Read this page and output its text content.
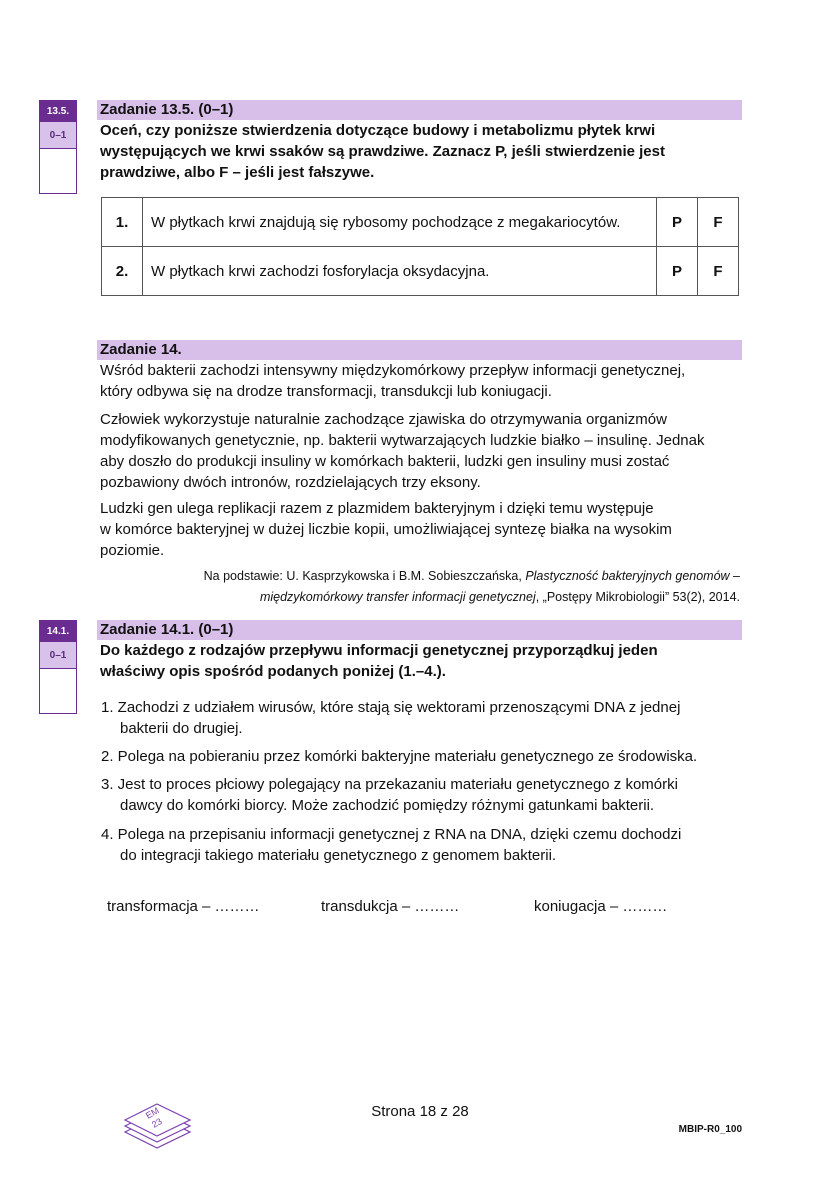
13.5.
0–1
Zadanie 13.5. (0–1)
Oceń, czy poniższe stwierdzenia dotyczące budowy i metabolizmu płytek krwi
występujących we krwi ssaków są prawdziwe. Zaznacz P, jeśli stwierdzenie jest
prawdziwe, albo F – jeśli jest fałszywe.
1.	W płytkach krwi znajdują się rybosomy pochodzące z megakariocytów.	P	F
2.	W płytkach krwi zachodzi fosforylacja oksydacyjna.	P	F
Zadanie 14.
Wśród bakterii zachodzi intensywny międzykomórkowy przepływ informacji genetycznej,
który odbywa się na drodze transformacji, transdukcji lub koniugacji.
Człowiek wykorzystuje naturalnie zachodzące zjawiska do otrzymywania organizmów
modyfikowanych genetycznie, np. bakterii wytwarzających ludzkie białko – insulinę. Jednak
aby doszło do produkcji insuliny w komórkach bakterii, ludzki gen insuliny musi zostać
pozbawiony dwóch intronów, rozdzielających trzy eksony.
Ludzki gen ulega replikacji razem z plazmidem bakteryjnym i dzięki temu występuje
w komórce bakteryjnej w dużej liczbie kopii, umożliwiającej syntezę białka na wysokim
poziomie.
Na podstawie: U. Kasprzykowska i B.M. Sobieszczańska, Plastyczność bakteryjnych genomów –
międzykomórkowy transfer informacji genetycznej, „Postępy Mikrobiologii” 53(2), 2014.
14.1.
0–1
Zadanie 14.1. (0–1)
Do każdego z rodzajów przepływu informacji genetycznej przyporządkuj jeden
właściwy opis spośród podanych poniżej (1.–4.).
1. Zachodzi z udziałem wirusów, które stają się wektorami przenoszącymi DNA z jednej
bakterii do drugiej.
2. Polega na pobieraniu przez komórki bakteryjne materiału genetycznego ze środowiska.
3. Jest to proces płciowy polegający na przekazaniu materiału genetycznego z komórki
dawcy do komórki biorcy. Może zachodzić pomiędzy różnymi gatunkami bakterii.
4. Polega na przepisaniu informacji genetycznej z RNA na DNA, dzięki czemu dochodzi
do integracji takiego materiału genetycznego z genomem bakterii.
transformacja – ………	transdukcja – ………	koniugacja – ………
EM
23
Strona 18 z 28
MBIP-R0_100
